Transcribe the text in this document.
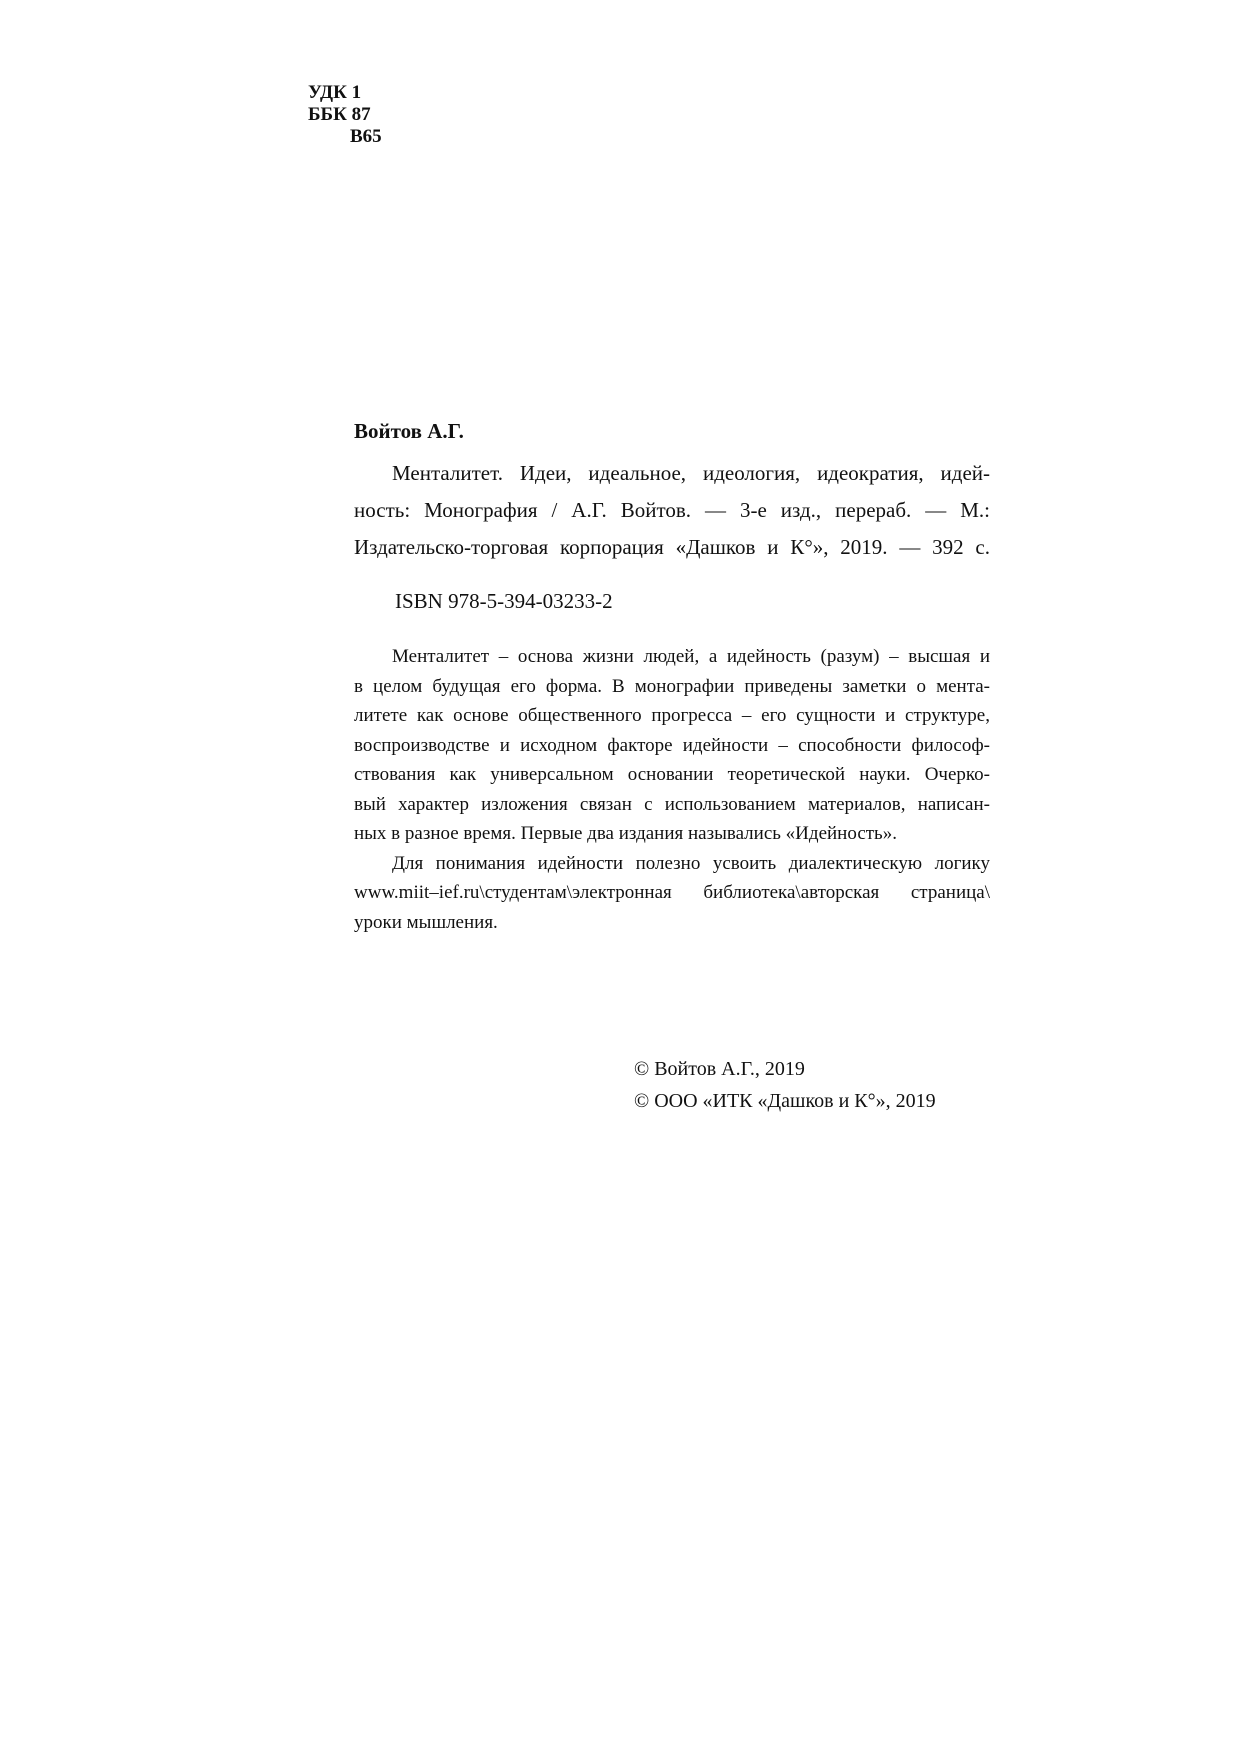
УДК 1
ББК 87
В65
Войтов А.Г.
Менталитет. Идеи, идеальное, идеология, идеократия, идей-
ность: Монография / А.Г. Войтов. — 3-е изд., перераб. — М.:
Издательско-торговая корпорация «Дашков и К°», 2019. — 392 с.
ISBN 978-5-394-03233-2
Менталитет – основа жизни людей, а идейность (разум) – высшая и
в целом будущая его форма. В монографии приведены заметки о мента-
литете как основе общественного прогресса – его сущности и структуре,
воспроизводстве и исходном факторе идейности – способности философ-
ствования как универсальном основании теоретической науки. Очерко-
вый характер изложения связан с использованием материалов, написан-
ных в разное время. Первые два издания назывались «Идейность».
Для понимания идейности полезно усвоить диалектическую логику
www.miit–ief.ru\студентам\электронная библиотека\авторская страница\
уроки мышления.
© Войтов А.Г., 2019
© ООО «ИТК «Дашков и К°», 2019
